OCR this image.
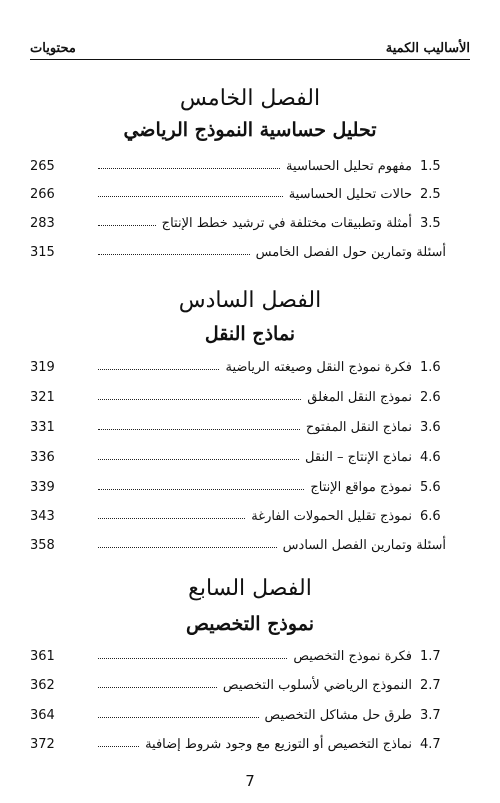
الأساليب الكمية
محتويات
الفصل الخامس
تحليل حساسية النموذج الرياضي
1.5
مفهوم تحليل الحساسية
265
2.5
حالات تحليل الحساسية
266
3.5
أمثلة وتطبيقات مختلفة في ترشيد خطط الإنتاج
283
أسئلة وتمارين حول الفصل الخامس
315
الفصل السادس
نماذج النقل
1.6
فكرة نموذج النقل وصيغته الرياضية
319
2.6
نموذج النقل المغلق
321
3.6
نماذج النقل المفتوح
331
4.6
نماذج الإنتاج – النقل
336
5.6
نموذج مواقع الإنتاج
339
6.6
نموذج تقليل الحمولات الفارغة
343
أسئلة وتمارين الفصل السادس
358
الفصل السابع
نموذج التخصيص
1.7
فكرة نموذج التخصيص
361
2.7
النموذج الرياضي لأسلوب التخصيص
362
3.7
طرق حل مشاكل التخصيص
364
4.7
نماذج التخصيص أو التوزيع مع وجود شروط إضافية
372
7
